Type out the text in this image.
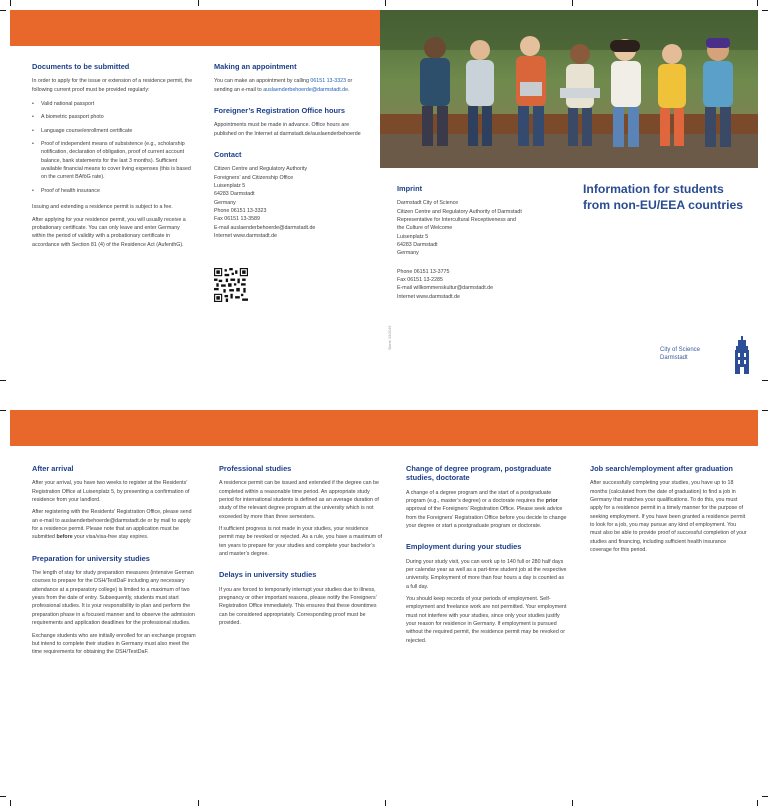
Documents to be submitted

In order to apply for the issue or extension of a residence permit, the following current proof must be provided regularly:

• Valid national passport
• A biometric passport photo
• Language course/enrollment certificate
• Proof of independent means of subsistence (e.g., scholarship notification, declaration of obligation, proof of current account balance, bank statements for the last 3 months). Sufficient available financial means to cover living expenses (this is based on the current BAföG rate).
• Proof of health insurance

Issuing and extending a residence permit is subject to a fee.

After applying for your residence permit, you will usually receive a probationary certificate. You can only leave and enter Germany within the period of validity with a probationary certificate in accordance with Section 81 (4) of the Residence Act (AufenthG).

Making an appointment

You can make an appointment by calling 06151 13-3323 or sending an e-mail to auslaenderbehoerde@darmstadt.de.

Foreigner’s Registration Office hours

Appointments must be made in advance. Office hours are published on the Internet at darmstadt.de/auslaenderbehoerde

Contact
Citizen Centre and Regulatory Authority
Foreigners’ and Citizenship Office
Luisenplatz 5
64283 Darmstadt
Germany
Phone 06151 13-3323
Fax 06151 13-3589
E-mail auslaenderbehoerde@darmstadt.de
Internet www.darmstadt.de
Imprint
Darmstadt City of Science
Citizen Centre and Regulatory Authority of Darmstadt
Representative for Intercultural Receptiveness and
the Culture of Welcome
Luisenplatz 5
64283 Darmstadt
Germany
Phone 06151 13-3775
Fax 06151 13-2285
E-mail willkommenskultur@darmstadt.de
Internet www.darmstadt.de
Stand: 03/2019
Information for students from non-EU/EEA countries
City of Science
Darmstadt
After arrival

After your arrival, you have two weeks to register at the Residents’ Registration Office at Luisenplatz 5, by presenting a confirmation of residence from your landlord.

After registering with the Residents’ Registration Office, please send an e-mail to auslaenderbehoerde@darmstadt.de or by mail to apply for a residence permit. Please note that an application must be submitted before your visa/visa-free stay expires.

Preparation for university studies

The length of stay for study preparation measures (intensive German courses to prepare for the DSH/TestDaF including any necessary attendance at a preparatory college) is limited to a maximum of two years from the date of entry. Subsequently, students must start professional studies. It is your responsibility to plan and perform the preparation phase in a focused manner and to observe the admission requirements and application deadlines for the professional studies.

Exchange students who are initially enrolled for an exchange program but intend to complete their studies in Germany must also meet the time requirements for obtaining the DSH/TestDaF.

Professional studies

A residence permit can be issued and extended if the degree can be completed within a reasonable time period. An appropriate study period for international students is defined as an average duration of study of the relevant degree program at the university which is not exceeded by more than three semesters.

If sufficient progress is not made in your studies, your residence permit may be revoked or rejected. As a rule, you have a maximum of ten years to prepare for your studies and complete your bachelor’s and master’s degree.

Delays in university studies

If you are forced to temporarily interrupt your studies due to illness, pregnancy or other important reasons, please notify the Foreigners’ Registration Office immediately. This ensures that these downtimes can be considered appropriately. Corresponding proof must be provided.

Change of degree program, postgraduate studies, doctorate

A change of a degree program and the start of a postgraduate program (e.g., master’s degree) or a doctorate requires the prior approval of the Foreigners’ Registration Office. Please seek advice from the Foreigners’ Registration Office before you decide to change your degree or start a postgraduate program or doctorate.

Employment during your studies

During your study visit, you can work up to 140 full or 280 half days per calendar year as well as a part-time student job at the respective university. Employment of more than four hours a day is counted as a full day.

You should keep records of your periods of employment. Self-employment and freelance work are not permitted. Your employment must not interfere with your studies, since only your studies justify your reason for residence in Germany. If employment is pursued without the required permit, the residence permit may be revoked or rejected.

Job search/employment after graduation

After successfully completing your studies, you have up to 18 months (calculated from the date of graduation) to find a job in Germany that matches your qualifications. To do this, you must apply for a residence permit in a timely manner for the purpose of seeking employment. If you have been granted a residence permit to look for a job, you may pursue any kind of employment. You must also be able to provide proof of successful completion of your studies and financing, including sufficient health insurance coverage for this period.
